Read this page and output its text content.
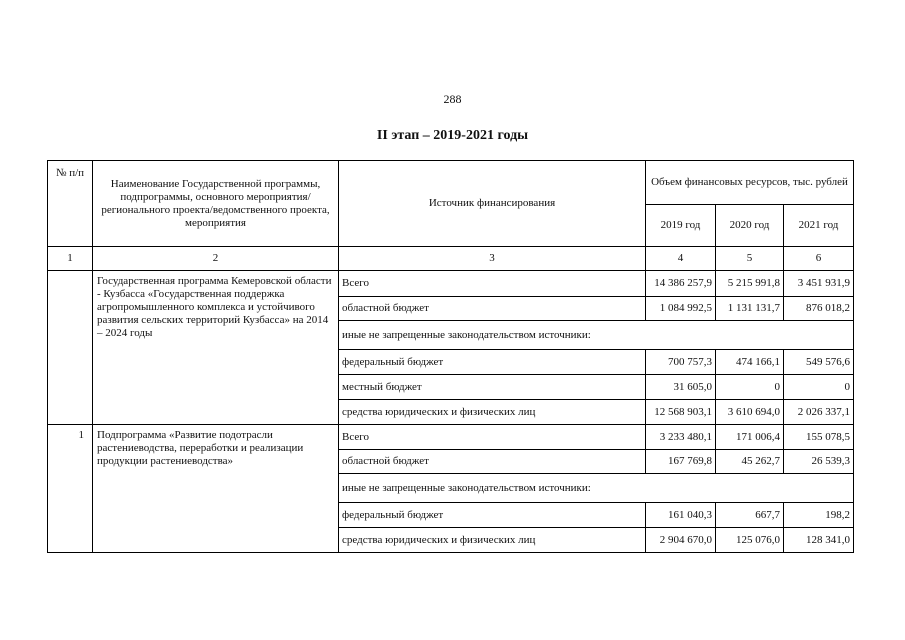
288
II этап – 2019-2021 годы
№ п/п	Наименование Государственной программы, подпрограммы, основного мероприятия/регионального проекта/ведомственного проекта, мероприятия	Источник финансирования	Объем финансовых ресурсов, тыс. рублей		
			2019 год	2020 год	2021 год
1	2	3	4	5	6
	Государственная программа Кемеровской области - Кузбасса «Государственная поддержка агропромышленного комплекса и устойчивого развития сельских территорий Кузбасса» на 2014 – 2024 годы	Всего	14 386 257,9	5 215 991,8	3 451 931,9
		областной бюджет	1 084 992,5	1 131 131,7	876 018,2
		иные не запрещенные законодательством источники:			
		федеральный бюджет	700 757,3	474 166,1	549 576,6
		местный бюджет	31 605,0	0	0
		средства юридических и физических лиц	12 568 903,1	3 610 694,0	2 026 337,1
1	Подпрограмма «Развитие подотрасли растениеводства, переработки и реализации продукции растениеводства»	Всего	3 233 480,1	171 006,4	155 078,5
		областной бюджет	167 769,8	45 262,7	26 539,3
		иные не запрещенные законодательством источники:			
		федеральный бюджет	161 040,3	667,7	198,2
		средства юридических и физических лиц	2 904 670,0	125 076,0	128 341,0
